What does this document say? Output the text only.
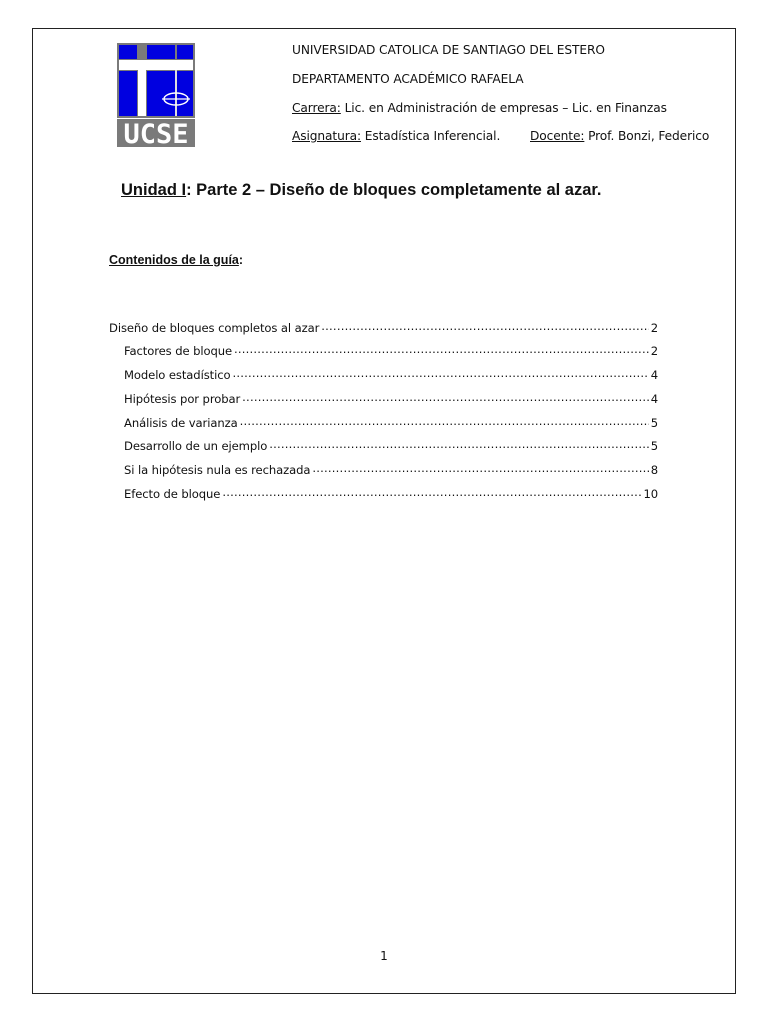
UCSE
UNIVERSIDAD CATOLICA DE SANTIAGO DEL ESTERO
DEPARTAMENTO ACADÉMICO RAFAELA
Carrera: Lic. en Administración de empresas – Lic. en Finanzas
Asignatura: Estadística Inferencial. Docente: Prof. Bonzi, Federico
Unidad I: Parte 2 – Diseño de bloques completamente al azar.
Contenidos de la guía:
Diseño de bloques completos al azar .....	2
Factores de bloque .....	2
Modelo estadístico .....	4
Hipótesis por probar .....	4
Análisis de varianza .....	5
Desarrollo de un ejemplo .....	5
Si la hipótesis nula es rechazada .....	8
Efecto de bloque .....	10
1
